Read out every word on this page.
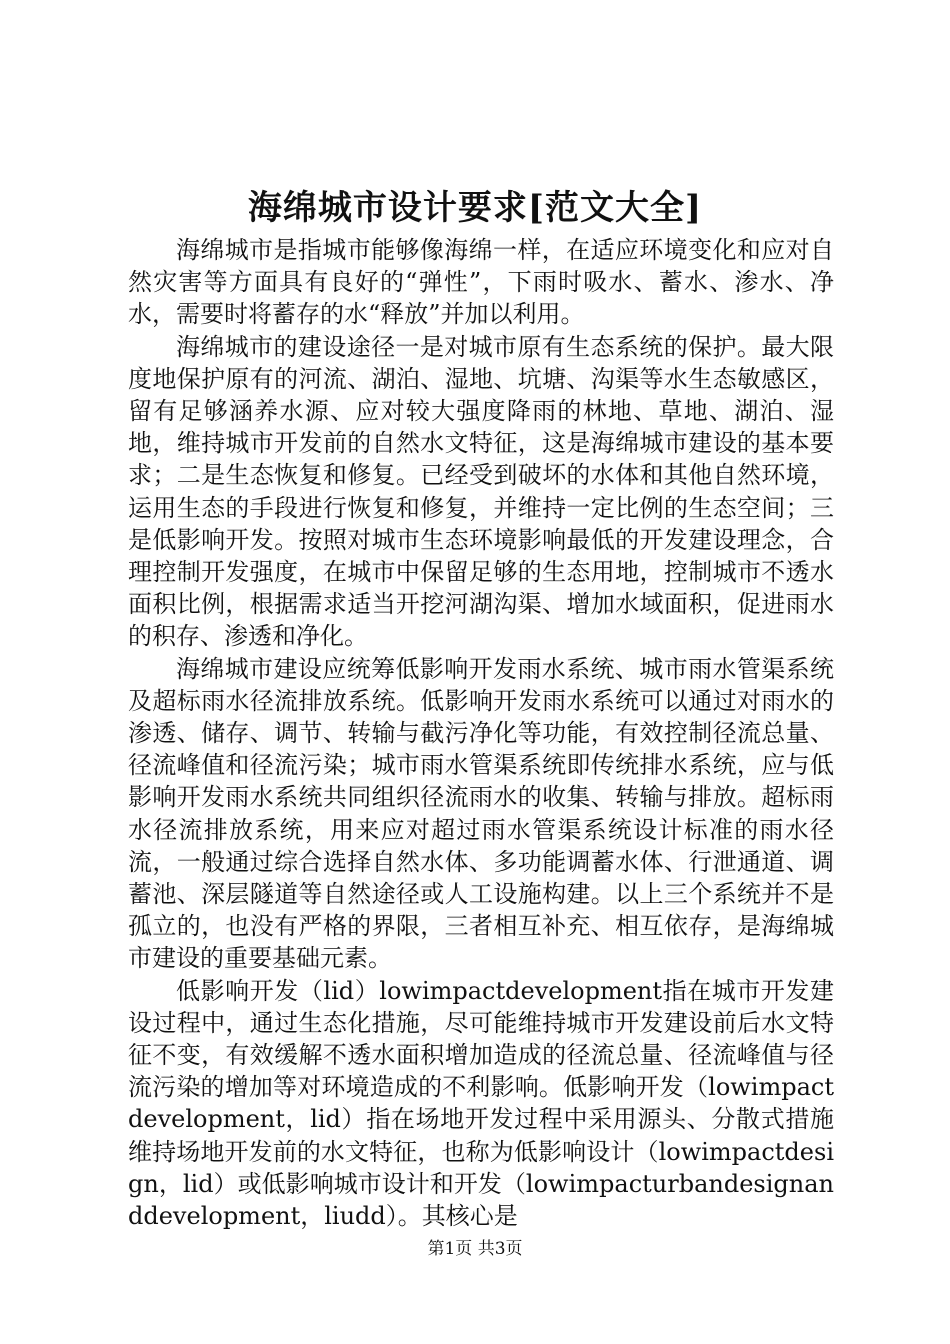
海绵城市设计要求[范文大全]

海绵城市是指城市能够像海绵一样，在适应环境变化和应对自然灾害等方面具有良好的“弹性”，下雨时吸水、蓄水、渗水、净水，需要时将蓄存的水“释放”并加以利用。

海绵城市的建设途径一是对城市原有生态系统的保护。最大限度地保护原有的河流、湖泊、湿地、坑塘、沟渠等水生态敏感区，留有足够涵养水源、应对较大强度降雨的林地、草地、湖泊、湿地，维持城市开发前的自然水文特征，这是海绵城市建设的基本要求；二是生态恢复和修复。已经受到破坏的水体和其他自然环境，运用生态的手段进行恢复和修复，并维持一定比例的生态空间；三是低影响开发。按照对城市生态环境影响最低的开发建设理念，合理控制开发强度，在城市中保留足够的生态用地，控制城市不透水面积比例，根据需求适当开挖河湖沟渠、增加水域面积，促进雨水的积存、渗透和净化。

海绵城市建设应统筹低影响开发雨水系统、城市雨水管渠系统及超标雨水径流排放系统。低影响开发雨水系统可以通过对雨水的渗透、储存、调节、转输与截污净化等功能，有效控制径流总量、径流峰值和径流污染；城市雨水管渠系统即传统排水系统，应与低影响开发雨水系统共同组织径流雨水的收集、转输与排放。超标雨水径流排放系统，用来应对超过雨水管渠系统设计标准的雨水径流，一般通过综合选择自然水体、多功能调蓄水体、行泄通道、调蓄池、深层隧道等自然途径或人工设施构建。以上三个系统并不是孤立的，也没有严格的界限，三者相互补充、相互依存，是海绵城市建设的重要基础元素。

低影响开发（lid）lowimpactdevelopment指在城市开发建设过程中，通过生态化措施，尽可能维持城市开发建设前后水文特征不变，有效缓解不透水面积增加造成的径流总量、径流峰值与径流污染的增加等对环境造成的不利影响。低影响开发（lowimpactdevelopment，lid）指在场地开发过程中采用源头、分散式措施维持场地开发前的水文特征，也称为低影响设计（lowimpactdesign，lid）或低影响城市设计和开发（lowimpacturbandesignanddevelopment，liudd）。其核心是

第1页 共3页
